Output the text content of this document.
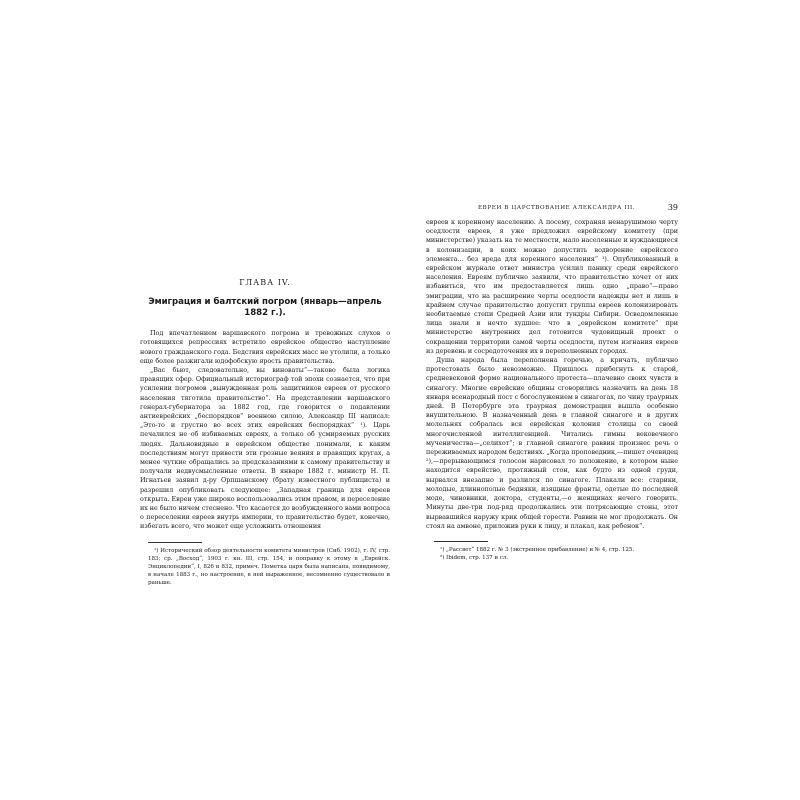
ГЛАВА IV.

Эмиграция и балтский погром (январь—апрель 1882 г.).

Под впечатлением варшавского погрома и тревожных слухов о готовящихся репрессиях встретило еврейское общество наступление нового гражданского года. Бедствия еврейских масс не утолили, а только еще более разжигали юдофобскую ярость правительства.

„Вас бьют, следовательно, вы виноваты“—таково была логика правящих сфер. Официальный историограф той эпохи сознается, что при усилении погромов „вынужденная роль защитников евреев от русского населения тяготила правительство“. На представлении варшавского генерал-губернатора за 1882 год, где говорится о подавлении антиеврейских „беспорядков“ военною силою, Александр III написал: „Это-то и грустно во всех этих еврейских беспорядках“ ¹). Царь печалился не об избиваемых евреях, а только об усмиряемых русских людях. Дальновидные в еврейском обществе понимали, к каким последствиям могут привести эти грозные веяния в правящих кругах, а менее чуткие обращались за предсказаниями к самому правительству и получали недвусмысленные ответы. В январе 1882 г. министр Н. П. Игнатьев заявил д-ру Орпшанскому (брату известного публициста) и разрешил опубликовать следующее: „Западная граница для евреев открыта. Евреи уже широко воспользовались этим правом, и переселение их не было ничем стеснено. Что касается до возбужденного вами вопроса о переселении евреев внутрь империи, то правительство будет, конечно, избегать всего, что может еще усложнить отношения

¹) Исторический обзор деятельности комитета министров (Сиб. 1902), т. IV, стр. 183; ср. „Восход“, 1903 г. кн. III, стр. 154, и поправку к этому в „Еврейск. Энциклопедии“, I, 826 и 832, примеч. Пометка царя была написана, повидимому, в начале 1883 г., но настроение, в ней выраженное, несомненно существовало и раньше.

ЕВРЕИ В ЦАРСТВОВАНИЕ АЛЕКСАНДРА III.	39

евреев к коренному населению. А посему, сохраняя ненарушимою черту оседлости евреев, я уже предложил еврейскому комитету (при министерстве) указать на те местности, мало населенные и нуждающиеся в колонизации, в коих можно допустить водворение еврейского элемента... без вреда для коренного населения“ ¹). Опубликованный в еврейском журнале ответ министра усилил панику среди еврейского населения. Евреям публично заявили, что правительство хочет от них избавиться, что им предоставляется лишь одно „право“—право эмиграции, что на расширение черты оседлости надежды нет и лишь в крайнем случае правительство допустит группы евреев колонизировать необитаемые степи Средней Азии или тундры Сибири. Осведомленные лица знали и нечто худшее: что в „еврейском комитете“ при министерстве внутренних дел готовится чудовищный проект о сокращении территории самой черты оседлости, путем изгнания евреев из деревень и сосредоточения их в переполненных городах.

Душа народа была переполнена горечью, а кричать, публично протестовать было невозможно. Пришлось прибегнуть к старой, средневековой форме национального протеста—плачевно своих чувств в синагогу. Многие еврейские общины сговорились назначить на день 18 января всенародный пост с богослужением в синагогах, по чину траурных дней. В Петербурге эта траурная демонстрация вышла особенно внушительною. В назначенный день в главной синагоге и в других молельнях собралась вся еврейская колония столицы со своей многочисленной интеллигенцией. Читались гимны вековечного мученичества—„селихот“; в главной синагоге раввин произнес речь о переживаемых народом бедствиях. „Когда проповедник,—пишет очевидец ²),—прерывающимся голосом нарисовал то положение, в котором ныне находится еврейство, протяжный стон, как будто из одной груди, вырвался внезапно и разлился по синагоге. Плакали все: старики, молодые, длиннополые бедняки, изящные франты, одетые по последней моде, чиновники, доктора, студенты,—о женщинах нечего говорить. Минуты две-три под-ряд продолжались эти потрясающие стоны, этот вырвавшийся наружу крик общей горести. Раввин не мог продолжать. Он стоял на амвоне, приложив руки к лицу, и плакал, как ребенок“.

¹) „Рассвет“ 1882 г. № 3 (экстренное прибавление) и № 4, стр. 125.

²) Ibidem, стр. 137 и сл.
